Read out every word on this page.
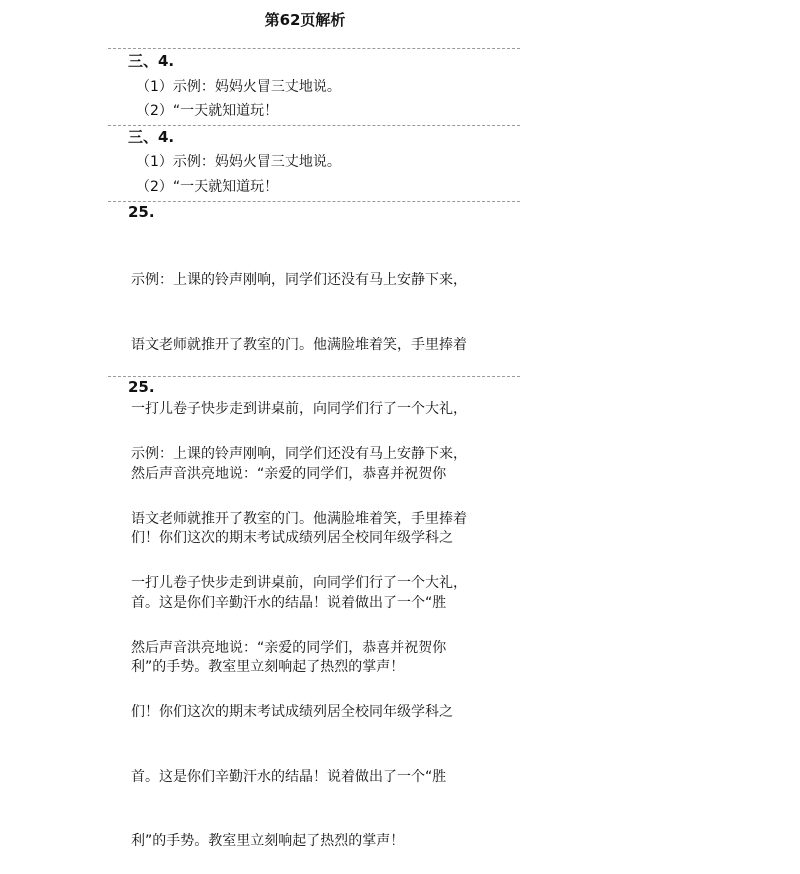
第62页解析
三、4.
（1）示例：妈妈火冒三丈地说。
（2）“一天就知道玩！
三、4.
（1）示例：妈妈火冒三丈地说。
（2）“一天就知道玩！
25.

示例：上课的铃声刚响，同学们还没有马上安静下来，

语文老师就推开了教室的门。他满脸堆着笑，手里捧着

一打儿卷子快步走到讲桌前，向同学们行了一个大礼，

然后声音洪亮地说：“亲爱的同学们，恭喜并祝贺你

们！你们这次的期末考试成绩列居全校同年级学科之

首。这是你们辛勤汗水的结晶！说着做出了一个“胜

利”的手势。教室里立刻响起了热烈的掌声！

25.

示例：上课的铃声刚响，同学们还没有马上安静下来，

语文老师就推开了教室的门。他满脸堆着笑，手里捧着

一打儿卷子快步走到讲桌前，向同学们行了一个大礼，

然后声音洪亮地说：“亲爱的同学们，恭喜并祝贺你

们！你们这次的期末考试成绩列居全校同年级学科之

首。这是你们辛勤汗水的结晶！说着做出了一个“胜

利”的手势。教室里立刻响起了热烈的掌声！
